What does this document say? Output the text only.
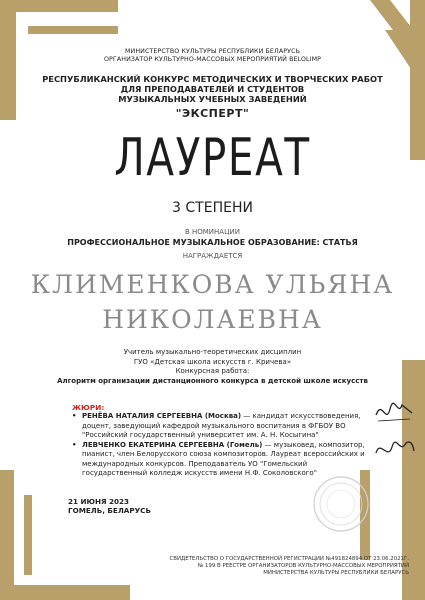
МИНИСТЕРСТВО КУЛЬТУРЫ РЕСПУБЛИКИ БЕЛАРУСЬ
ОРГАНИЗАТОР КУЛЬТУРНО-МАССОВЫХ МЕРОПРИЯТИЙ BELOLIMP
РЕСПУБЛИКАНСКИЙ КОНКУРС МЕТОДИЧЕСКИХ И ТВОРЧЕСКИХ РАБОТ
ДЛЯ ПРЕПОДАВАТЕЛЕЙ И СТУДЕНТОВ
МУЗЫКАЛЬНЫХ УЧЕБНЫХ ЗАВЕДЕНИЙ
"ЭКСПЕРТ"
ЛАУРЕАТ
3 СТЕПЕНИ
В НОМИНАЦИИ
ПРОФЕССИОНАЛЬНОЕ МУЗЫКАЛЬНОЕ ОБРАЗОВАНИЕ: СТАТЬЯ
НАГРАЖДАЕТСЯ
КЛИМЕНКОВА УЛЬЯНА
НИКОЛАЕВНА
Учитель музыкально-теоретических дисциплин
ГУО «Детская школа искусств г. Кричева»
Конкурсная работа:
Алгоритм организации дистанционного конкурса в детской школе искусств
ЖЮРИ:
• РЕНЁВА НАТАЛИЯ СЕРГЕЕВНА (Москва) — кандидат искусствоведения, доцент, заведующий кафедрой музыкального воспитания в ФГБОУ ВО "Российский государственный университет им. А. Н. Косыгина"
• ЛЕВЧЕНКО ЕКАТЕРИНА СЕРГЕЕВНА (Гомель) — музыковед, композитор, пианист, член Белорусского союза композиторов. Лауреат всероссийских и международных конкурсов. Преподаватель УО "Гомельский государственный колледж искусств имени Н.Ф. Соколовского"
21 ИЮНЯ 2023
ГОМЕЛЬ, БЕЛАРУСЬ
СВИДЕТЕЛЬСТВО О ГОСУДАРСТВЕННОЙ РЕГИСТРАЦИИ №491824894 ОТ 23.06.2021Г.
№ 199 В РЕЕСТРЕ ОРГАНИЗАТОРОВ КУЛЬТУРНО-МАССОВЫХ МЕРОПРИЯТИЙ
МИНИСТЕРСТВА КУЛЬТУРЫ РЕСПУБЛИКИ БЕЛАРУСЬ
